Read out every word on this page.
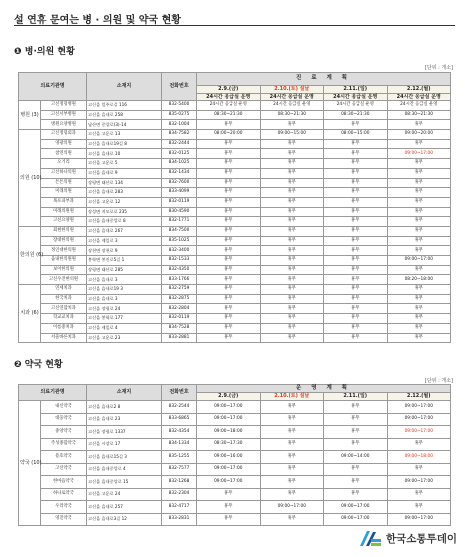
설 연휴 문여는 병 · 의원 및 약국 현황
❶ 병·의원 현황
[단위 : 개소]
의료기관명		소재지	전화번호	진 료 계 획			
				2.9.(금)	2.10.(토) 설날	2.11.(일)	2.12.(월)
				24시간 응급실 운영	24시간 응급실 운영	24시간 응급실 운영	24시간 응급실 운영
병원 (3)	고신정형병원	고신읍 일주로길 116	832-5400	24시간 응급실 운영	24시간 응급실 운영	24시간 응급실 운영	24시간 응급실 운영
	고신서부병원	고신읍 읍내로 258	835-0275	08:30~21:30	08:30~21:30	08:30~21:30	08:30~21:30
	병원요양병원	남산면 중앙로(3)-14	832-1004	휴무	휴무	휴무	휴무
의원 (10)	고신정형외과	고신읍 고운로 13	834-7582	08:00~20:00	09:00~15:00	08:00~15:00	09:00~20:00
	영광의원	고신읍 읍내로19길 8	832-2444	휴무	휴무	휴무	휴무
	참연의원	고신읍 읍내로 10	832-0125	휴무	휴무	휴무	09:00~17:00
	오거리	고신읍 고운로 5	834-1025	휴무	휴무	휴무	휴무
	고신하나의원	고신읍 읍내로 9	832-1434	휴무	휴무	휴무	휴무
	튼튼의원	장평면 태산로 134	832-7600	휴무	휴무	휴무	휴무
	미래의원	고신읍 읍내로 283	833-4099	휴무	휴무	휴무	휴무
	목포피부과	고신읍 고운로 12	832-0119	휴무	휴무	휴무	휴무
	미래의원원	장성면 지모로로 235	830-4590	휴무	휴무	휴무	휴무
	고신요양원	고신읍 읍내중앙로 8	832-1771	휴무	휴무	휴무	휴무
한의원 (6)	회현한의원	고신읍 읍내로 267	834-7500	휴무	휴무	휴무	휴무
	장대한의원	고신읍 제일로 3	835-1025	휴무	휴무	휴무	휴무
	정인대한의원	장천면 장천로 9	832-3400	휴무	휴무	휴무	휴무
	읍내한의원원	봉학면 봉진로5길 1	832-1533	휴무	휴무	휴무	09:00~17:00
	보이한의원	장평면 태산로 285	832-4350	휴무	휴무	휴무	휴무
	고신우진한의원	고신읍 읍내로 3	833-1766	휴무	휴무	휴무	08:20~18:00
치과 (6)	연세치과	고신읍 읍내로19 3	832-2759	휴무	휴무	휴무	휴무
	한국치과	고신읍 읍내로 3	832-2875	휴무	휴무	휴무	휴무
	고신연합치과	고신읍 장평로 24	832-2804	휴무	휴무	휴무	휴무
	학교교치과	고신읍 봉학로 177	832-0119	휴무	휴무	휴무	휴무
	이룸중치과	고신읍 제일로 4	834-7528	휴무	휴무	휴무	휴무
	서울바른치과	고신읍 고운로 23	833-2881	휴무	휴무	휴무	휴무
❷ 약국 현황
[단위 : 개소]
의료기관명		소재지	전화번호	운 영 계 획			
				2.9.(금)	2.10.(토) 설날	2.11.(일)	2.12.(월)
약국 (10)	내신약국	고신읍 읍내로2 8	832-2544	09:00~17:00	휴무	휴무	09:00~17:00
	대웅약국	고신읍 읍내로 23	833-6865	09:00~17:00	휴무	휴무	09:00~17:00
	중앙약국	고신읍 장평로 1337	832-4354	09:00~18:00	휴무	휴무	09:00~17:00
	주성종합약국	고신읍 시장로 17	834-1334	08:30~17:30	휴무	휴무	휴무
	용호약국	고신읍 읍내로15길 3	835-1255	09:00~16:00	휴무	09:00~14:00	09:00~18:00
	고신약국	고신읍 읍내중앙로 4	832-7577	09:00~17:00	휴무	휴무	휴무
	한마음약국	고신읍 읍내중앙로 15	832-1268	09:00~17:00	휴무	휴무	09:00~17:00
	하나로약국	고신읍 고운로 24	832-2304	휴무	휴무	휴무	휴무
	우리약국	고신읍 읍내로 257	832-4717	휴무	09:00~17:00	09:00~17:00	휴무
	영진약국	고신읍 읍내로3길 12	833-2831	휴무	휴무	09:00~17:00	09:00~17:00
한국소통투데이
